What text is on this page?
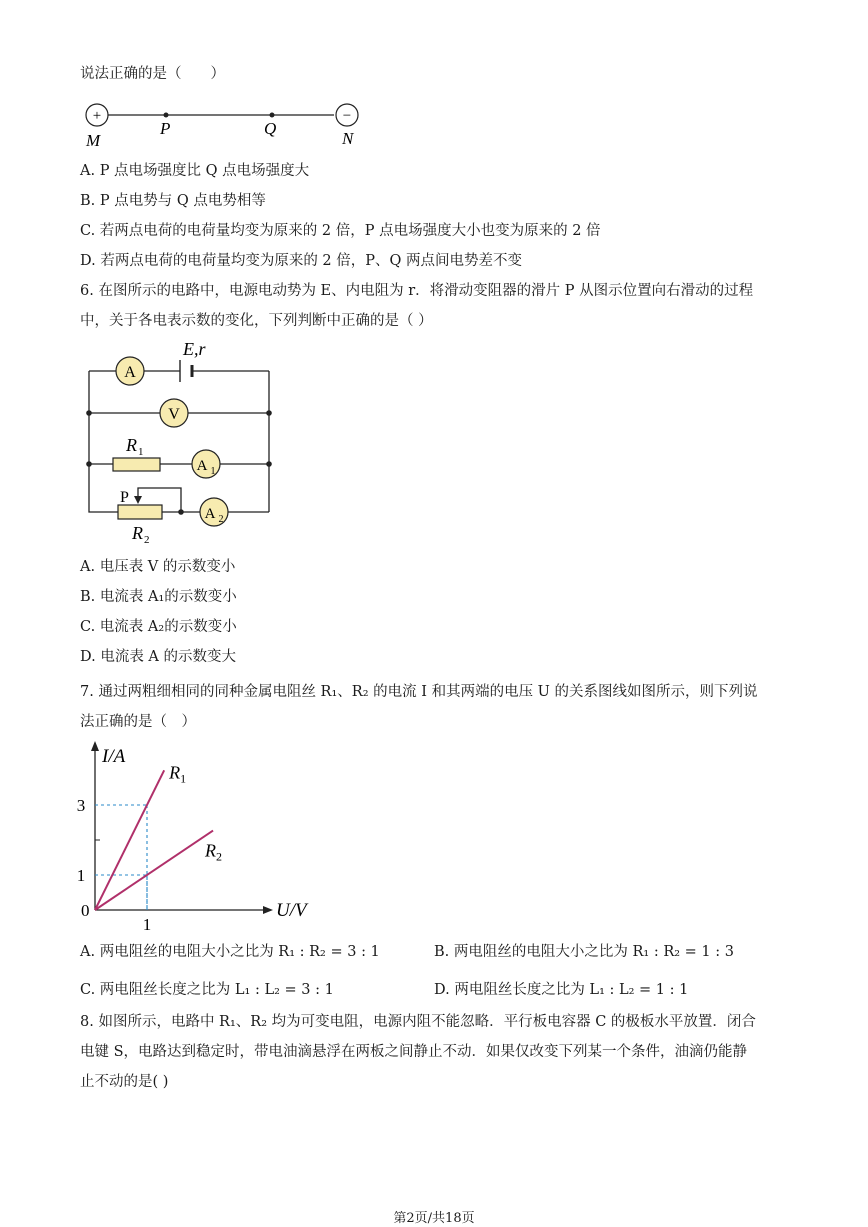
说法正确的是（　　）
+	−
M
P	Q
N
A. P 点电场强度比 Q 点电场强度大
B. P 点电势与 Q 点电势相等
C. 若两点电荷的电荷量均变为原来的 2 倍，P 点电场强度大小也变为原来的 2 倍
D. 若两点电荷的电荷量均变为原来的 2 倍，P、Q 两点间电势差不变
6. 在图所示的电路中，电源电动势为 E、内电阻为 r．将滑动变阻器的滑片 P 从图示位置向右滑动的过程
中，关于各电表示数的变化，下列判断中正确的是（ ）
A
V
A 1
A 2
E,r
R 1
P
R 2
A. 电压表 V 的示数变小
B. 电流表 A₁的示数变小
C. 电流表 A₂的示数变小
D. 电流表 A 的示数变大
7. 通过两粗细相同的同种金属电阻丝 R₁、R₂ 的电流 I 和其两端的电压 U 的关系图线如图所示，则下列说
法正确的是（　）
$R_1$
$R_2$
1
3
1
I/A
U/V
0
A. 两电阻丝的电阻大小之比为 R₁ : R₂ = 3 : 1	B. 两电阻丝的电阻大小之比为 R₁ : R₂ = 1 : 3
C. 两电阻丝长度之比为 L₁ : L₂ = 3 : 1	D. 两电阻丝长度之比为 L₁ : L₂ = 1 : 1
8. 如图所示，电路中 R₁、R₂ 均为可变电阻，电源内阻不能忽略．平行板电容器 C 的极板水平放置．闭合
电键 S，电路达到稳定时，带电油滴悬浮在两板之间静止不动．如果仅改变下列某一个条件，油滴仍能静
止不动的是( )
第2页/共18页
